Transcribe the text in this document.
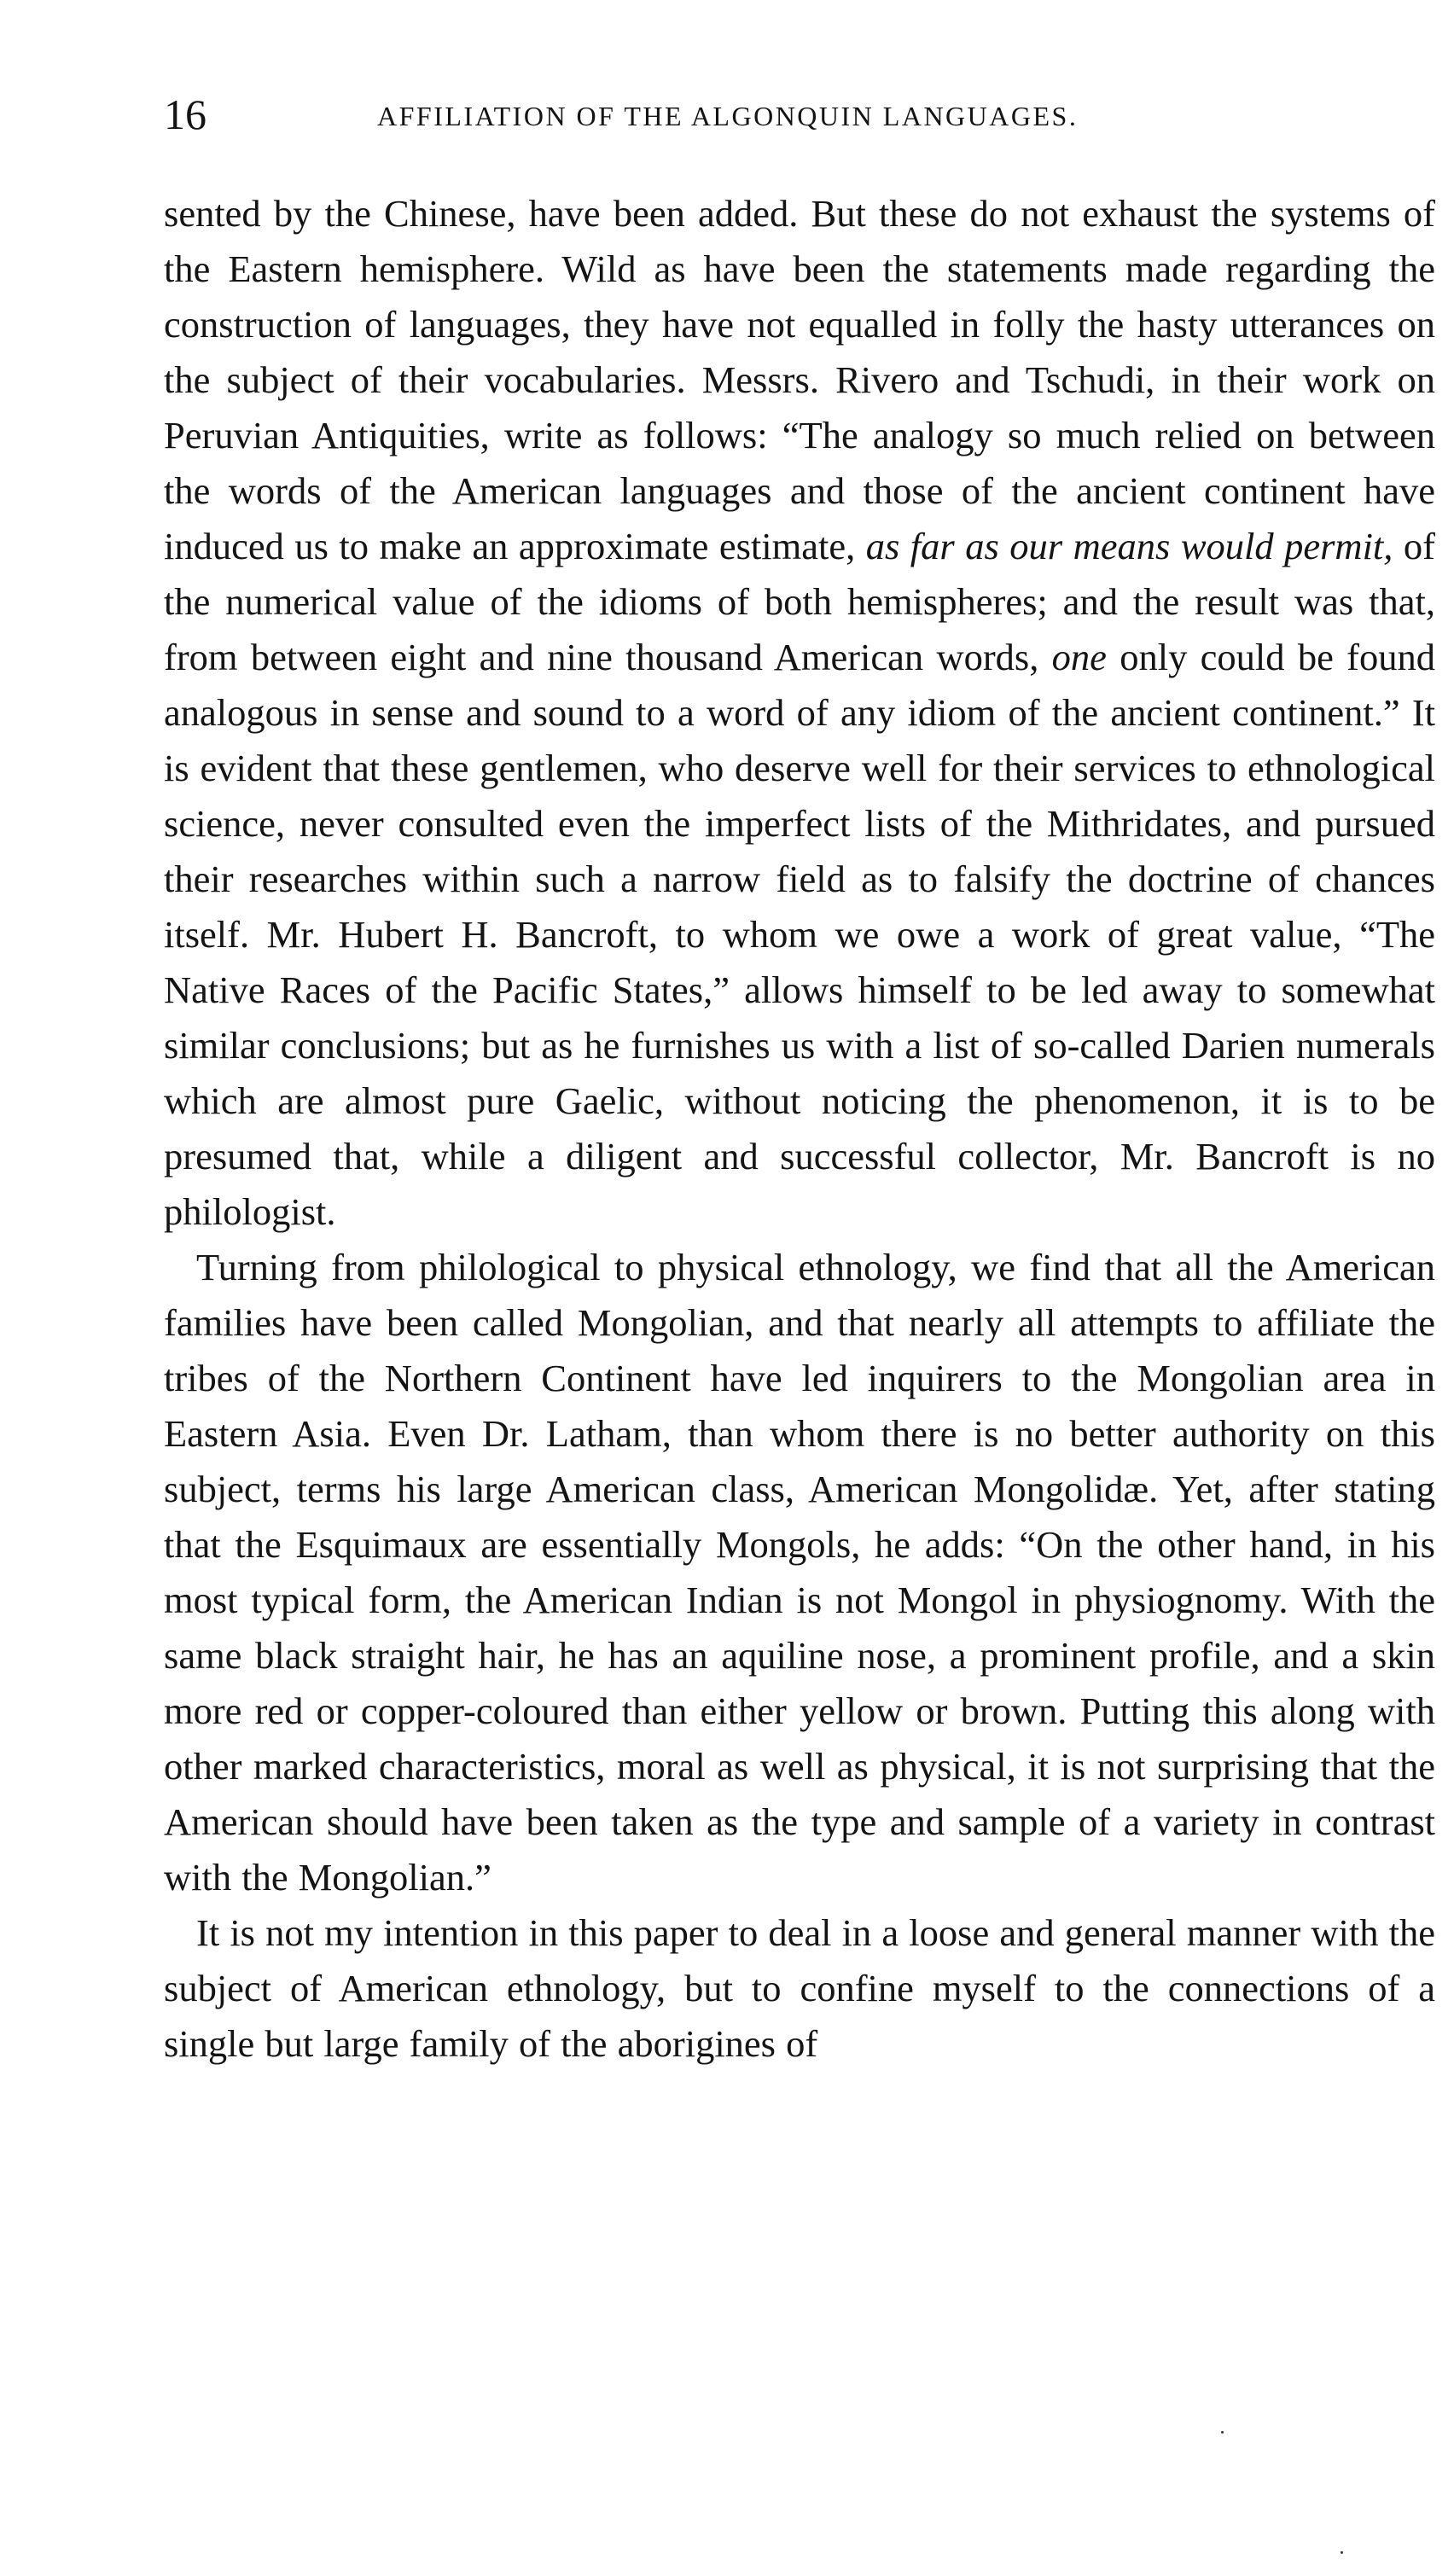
16	AFFILIATION OF THE ALGONQUIN LANGUAGES.

sented by the Chinese, have been added. But these do not exhaust the systems of the Eastern hemisphere. Wild as have been the statements made regarding the construction of languages, they have not equalled in folly the hasty utterances on the subject of their vocabularies. Messrs. Rivero and Tschudi, in their work on Peruvian Antiquities, write as follows: “The analogy so much relied on between the words of the American languages and those of the ancient continent have induced us to make an approximate estimate, as far as our means would permit, of the numerical value of the idioms of both hemispheres; and the result was that, from between eight and nine thousand American words, one only could be found analogous in sense and sound to a word of any idiom of the ancient continent.” It is evident that these gentlemen, who deserve well for their services to ethnological science, never consulted even the imperfect lists of the Mithridates, and pursued their researches within such a narrow field as to falsify the doctrine of chances itself. Mr. Hubert H. Bancroft, to whom we owe a work of great value, “The Native Races of the Pacific States,” allows himself to be led away to somewhat similar conclusions; but as he furnishes us with a list of so-called Darien numerals which are almost pure Gaelic, without noticing the phenomenon, it is to be presumed that, while a diligent and successful collector, Mr. Bancroft is no philologist.

Turning from philological to physical ethnology, we find that all the American families have been called Mongolian, and that nearly all attempts to affiliate the tribes of the Northern Continent have led inquirers to the Mongolian area in Eastern Asia. Even Dr. Latham, than whom there is no better authority on this subject, terms his large American class, American Mongolidæ. Yet, after stating that the Esquimaux are essentially Mongols, he adds: “On the other hand, in his most typical form, the American Indian is not Mongol in physiognomy. With the same black straight hair, he has an aquiline nose, a prominent profile, and a skin more red or copper-coloured than either yellow or brown. Putting this along with other marked characteristics, moral as well as physical, it is not surprising that the American should have been taken as the type and sample of a variety in contrast with the Mongolian.”

It is not my intention in this paper to deal in a loose and general manner with the subject of American ethnology, but to confine myself to the connections of a single but large family of the aborigines of
